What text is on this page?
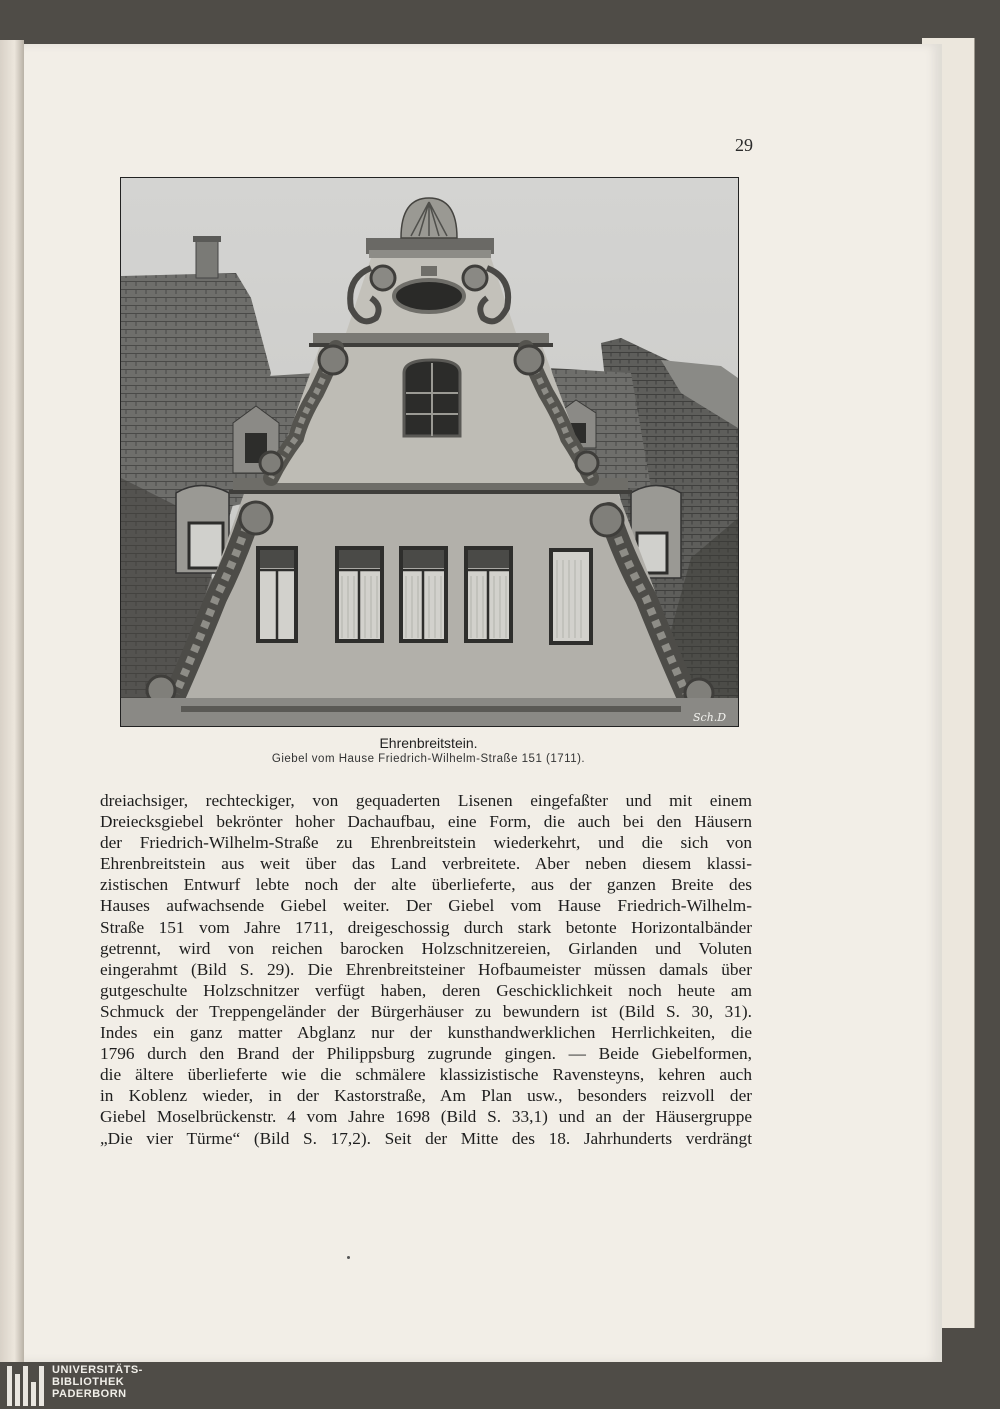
29
Sch.D
Ehrenbreitstein.
Giebel vom Hause Friedrich-Wilhelm-Straße 151 (1711).
dreiachsiger, rechteckiger, von gequaderten Lisenen eingefaßter und mit einem
Dreiecksgiebel bekrönter hoher Dachaufbau, eine Form, die auch bei den Häusern
der Friedrich-Wilhelm-Straße zu Ehrenbreitstein wiederkehrt, und die sich von
Ehrenbreitstein aus weit über das Land verbreitete. Aber neben diesem klassi-
zistischen Entwurf lebte noch der alte überlieferte, aus der ganzen Breite des
Hauses aufwachsende Giebel weiter. Der Giebel vom Hause Friedrich-Wilhelm-
Straße 151 vom Jahre 1711, dreigeschossig durch stark betonte Horizontalbänder
getrennt, wird von reichen barocken Holzschnitzereien, Girlanden und Voluten
eingerahmt (Bild S. 29). Die Ehrenbreitsteiner Hofbaumeister müssen damals über
gutgeschulte Holzschnitzer verfügt haben, deren Geschicklichkeit noch heute am
Schmuck der Treppengeländer der Bürgerhäuser zu bewundern ist (Bild S. 30, 31).
Indes ein ganz matter Abglanz nur der kunsthandwerklichen Herrlichkeiten, die
1796 durch den Brand der Philippsburg zugrunde gingen. — Beide Giebelformen,
die ältere überlieferte wie die schmälere klassizistische Ravensteyns, kehren auch
in Koblenz wieder, in der Kastorstraße, Am Plan usw., besonders reizvoll der
Giebel Moselbrückenstr. 4 vom Jahre 1698 (Bild S. 33,1) und an der Häusergruppe
„Die vier Türme“ (Bild S. 17,2). Seit der Mitte des 18. Jahrhunderts verdrängt
UNIVERSITÄTS-
BIBLIOTHEK
PADERBORN
